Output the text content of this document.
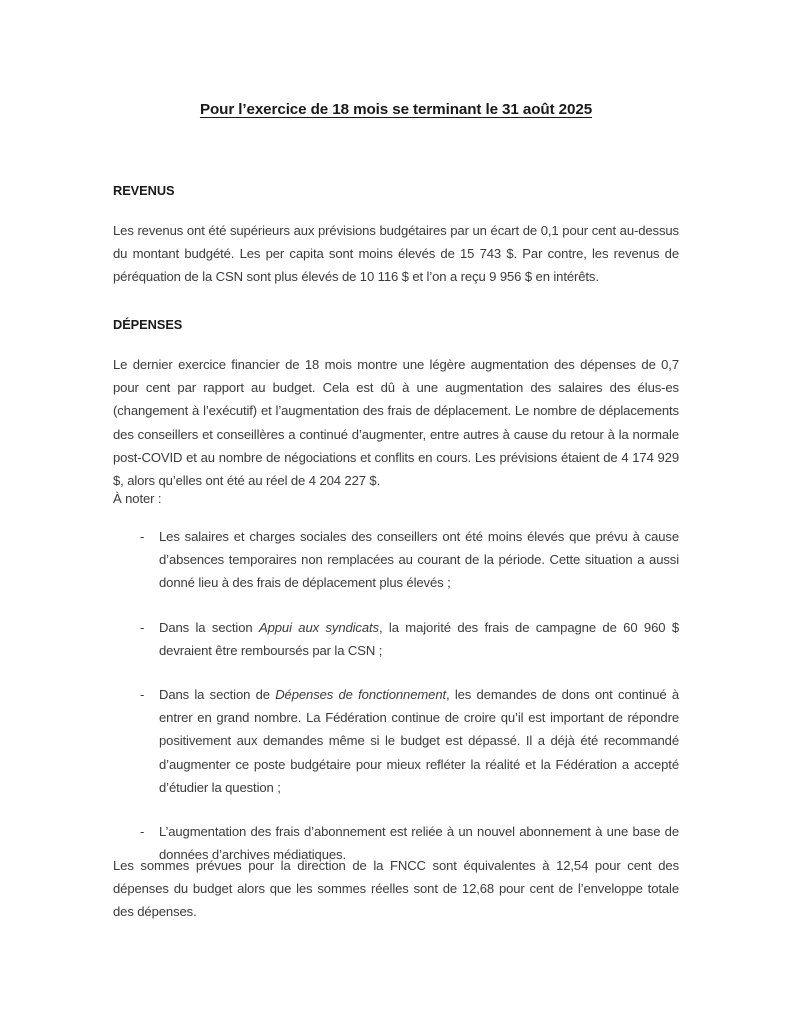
Pour l’exercice de 18 mois se terminant le 31 août 2025
REVENUS

Les revenus ont été supérieurs aux prévisions budgétaires par un écart de 0,1 pour cent au-dessus du montant budgété. Les per capita sont moins élevés de 15 743 $. Par contre, les revenus de péréquation de la CSN sont plus élevés de 10 116 $ et l’on a reçu 9 956 $ en intérêts.

DÉPENSES

Le dernier exercice financier de 18 mois montre une légère augmentation des dépenses de 0,7 pour cent par rapport au budget. Cela est dû à une augmentation des salaires des élus-es (changement à l’exécutif) et l’augmentation des frais de déplacement. Le nombre de déplacements des conseillers et conseillères a continué d’augmenter, entre autres à cause du retour à la normale post-COVID et au nombre de négociations et conflits en cours. Les prévisions étaient de 4 174 929 $, alors qu’elles ont été au réel de 4 204 227 $.

À noter :

- Les salaires et charges sociales des conseillers ont été moins élevés que prévu à cause d’absences temporaires non remplacées au courant de la période. Cette situation a aussi donné lieu à des frais de déplacement plus élevés ;
- Dans la section Appui aux syndicats, la majorité des frais de campagne de 60 960 $ devraient être remboursés par la CSN ;
- Dans la section de Dépenses de fonctionnement, les demandes de dons ont continué à entrer en grand nombre. La Fédération continue de croire qu’il est important de répondre positivement aux demandes même si le budget est dépassé. Il a déjà été recommandé d’augmenter ce poste budgétaire pour mieux refléter la réalité et la Fédération a accepté d’étudier la question ;
- L’augmentation des frais d’abonnement est reliée à un nouvel abonnement à une base de données d’archives médiatiques.

Les sommes prévues pour la direction de la FNCC sont équivalentes à 12,54 pour cent des dépenses du budget alors que les sommes réelles sont de 12,68 pour cent de l’enveloppe totale des dépenses.
